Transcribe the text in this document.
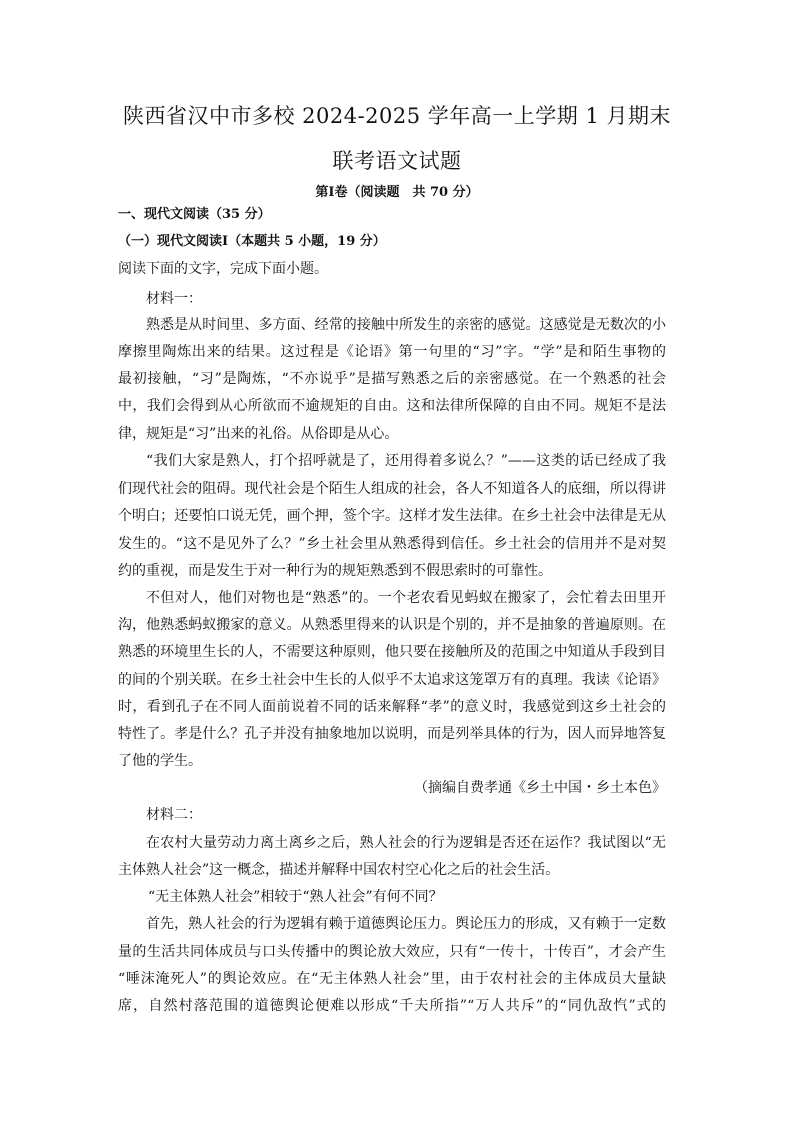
陕西省汉中市多校 2024-2025 学年高一上学期 1 月期末
联考语文试题
第Ⅰ卷（阅读题　共 70 分）
一、现代文阅读（35 分）
（一）现代文阅读Ⅰ（本题共 5 小题，19 分）
阅读下面的文字，完成下面小题。
材料一：
熟悉是从时间里、多方面、经常的接触中所发生的亲密的感觉。这感觉是无数次的小
摩擦里陶炼出来的结果。这过程是《论语》第一句里的“习”字。“学”是和陌生事物的
最初接触，“习”是陶炼，“不亦说乎”是描写熟悉之后的亲密感觉。在一个熟悉的社会
中，我们会得到从心所欲而不逾规矩的自由。这和法律所保障的自由不同。规矩不是法
律，规矩是“习”出来的礼俗。从俗即是从心。
“我们大家是熟人，打个招呼就是了，还用得着多说么？”——这类的话已经成了我
们现代社会的阻碍。现代社会是个陌生人组成的社会，各人不知道各人的底细，所以得讲
个明白；还要怕口说无凭，画个押，签个字。这样才发生法律。在乡土社会中法律是无从
发生的。“这不是见外了么？”乡土社会里从熟悉得到信任。乡土社会的信用并不是对契
约的重视，而是发生于对一种行为的规矩熟悉到不假思索时的可靠性。
不但对人，他们对物也是“熟悉”的。一个老农看见蚂蚁在搬家了，会忙着去田里开
沟，他熟悉蚂蚁搬家的意义。从熟悉里得来的认识是个别的，并不是抽象的普遍原则。在
熟悉的环境里生长的人，不需要这种原则，他只要在接触所及的范围之中知道从手段到目
的间的个别关联。在乡土社会中生长的人似乎不太追求这笼罩万有的真理。我读《论语》
时，看到孔子在不同人面前说着不同的话来解释“孝”的意义时，我感觉到这乡土社会的
特性了。孝是什么？孔子并没有抽象地加以说明，而是列举具体的行为，因人而异地答复
了他的学生。
（摘编自费孝通《乡土中国・乡土本色》
材料二：
在农村大量劳动力离土离乡之后，熟人社会的行为逻辑是否还在运作？我试图以“无
主体熟人社会”这一概念，描述并解释中国农村空心化之后的社会生活。
“无主体熟人社会”相较于“熟人社会”有何不同？
首先，熟人社会的行为逻辑有赖于道德舆论压力。舆论压力的形成，又有赖于一定数
量的生活共同体成员与口头传播中的舆论放大效应，只有“一传十，十传百”，才会产生
“唾沫淹死人”的舆论效应。在“无主体熟人社会”里，由于农村社会的主体成员大量缺
席，自然村落范围的道德舆论便难以形成“千夫所指”“万人共斥”的“同仇敌忾”式的
